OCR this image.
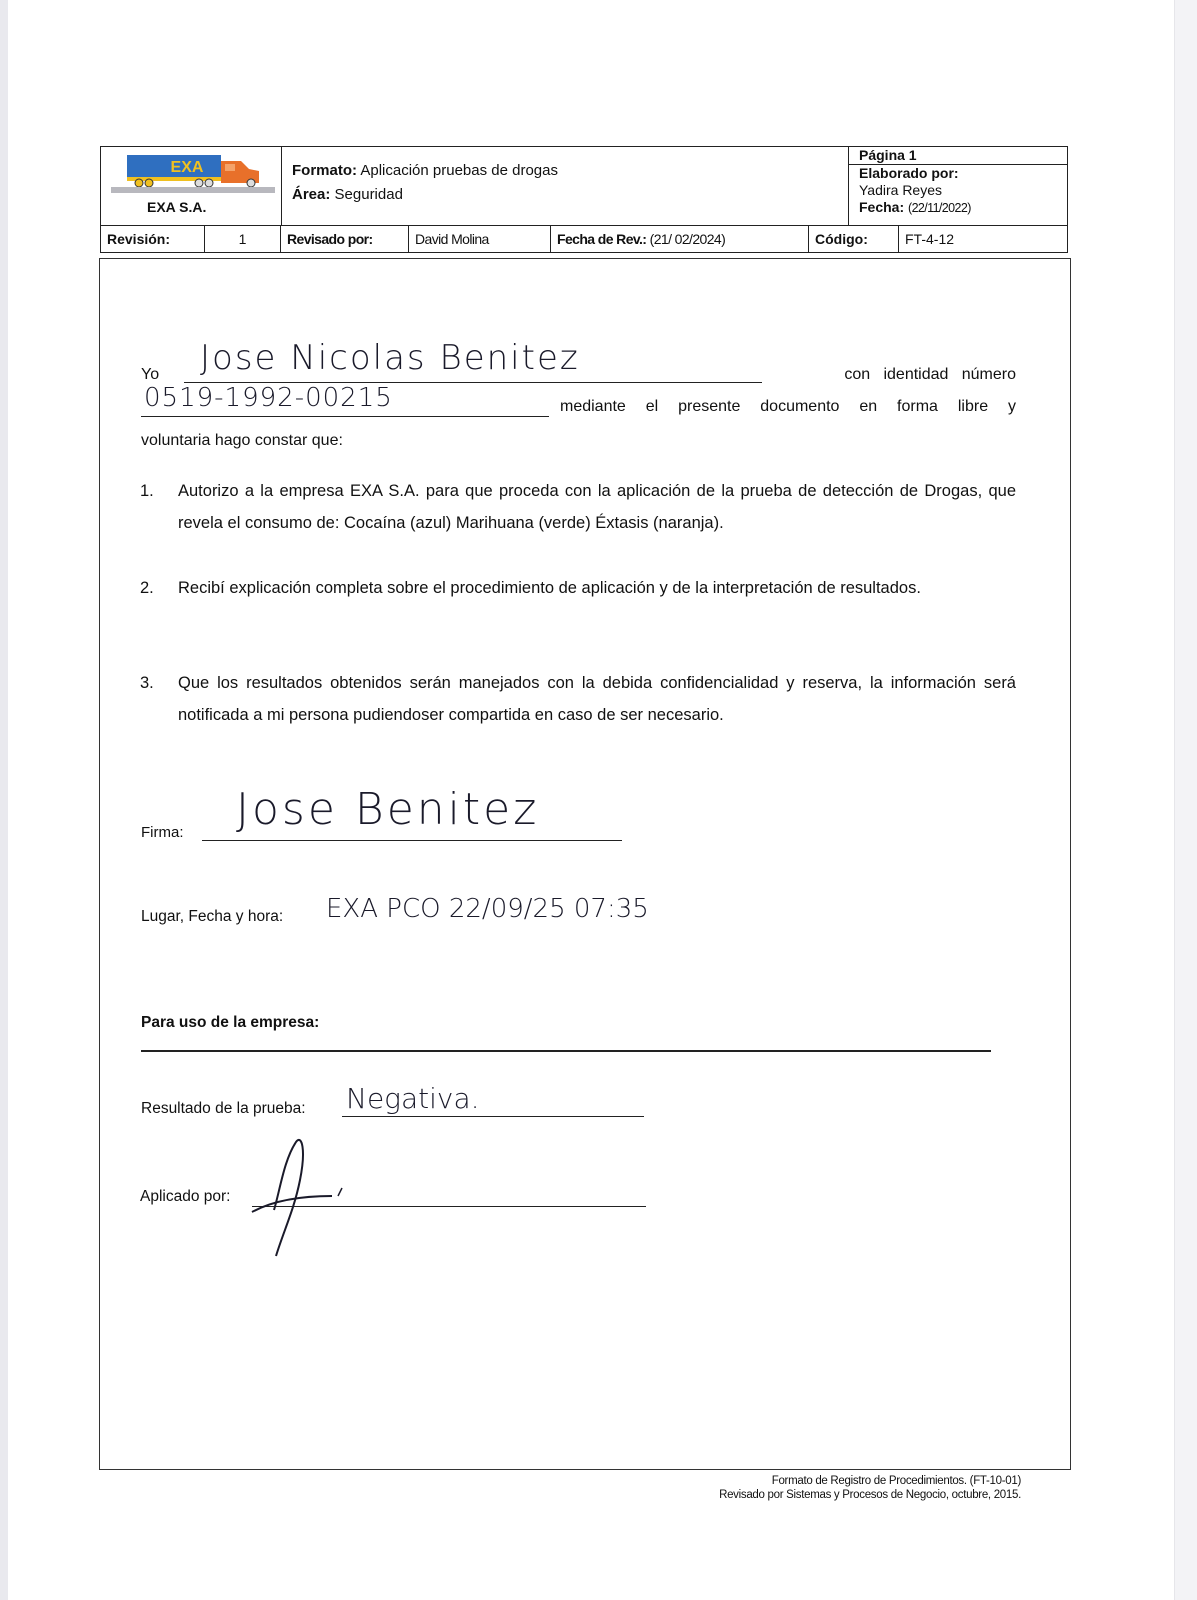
EXA
EXA S.A.
Formato: Aplicación pruebas de drogas
Área: Seguridad
Página 1
Elaborado por:
Yadira Reyes
Fecha: (22/11/2022)
Revisión:	1	Revisado por:	David Molina	Fecha de Rev.: (21/ 02/2024)	Código:	FT-4-12
Yo Jose Nicolas Benitez	con   identidad   número
0519-1992-00215	mediante el presente documento en forma libre y
voluntaria hago constar que:
1.	Autorizo a la empresa EXA S.A. para que proceda con la aplicación de la prueba de detección de Drogas, que revela el consumo de: Cocaína (azul) Marihuana (verde) Éxtasis (naranja).
2.	Recibí explicación completa sobre el procedimiento de aplicación y de la interpretación de resultados.
3.	Que los resultados obtenidos serán manejados con la debida confidencialidad y reserva, la información será notificada a mi persona pudiendoser compartida en caso de ser necesario.
Firma: Jose Benitez
Lugar, Fecha y hora: EXA PCO 22/09/25 07:35
Para uso de la empresa:
Resultado de la prueba: Negativa.
Aplicado por:
Formato de Registro de Procedimientos. (FT-10-01)
Revisado por Sistemas y Procesos de Negocio, octubre, 2015.
